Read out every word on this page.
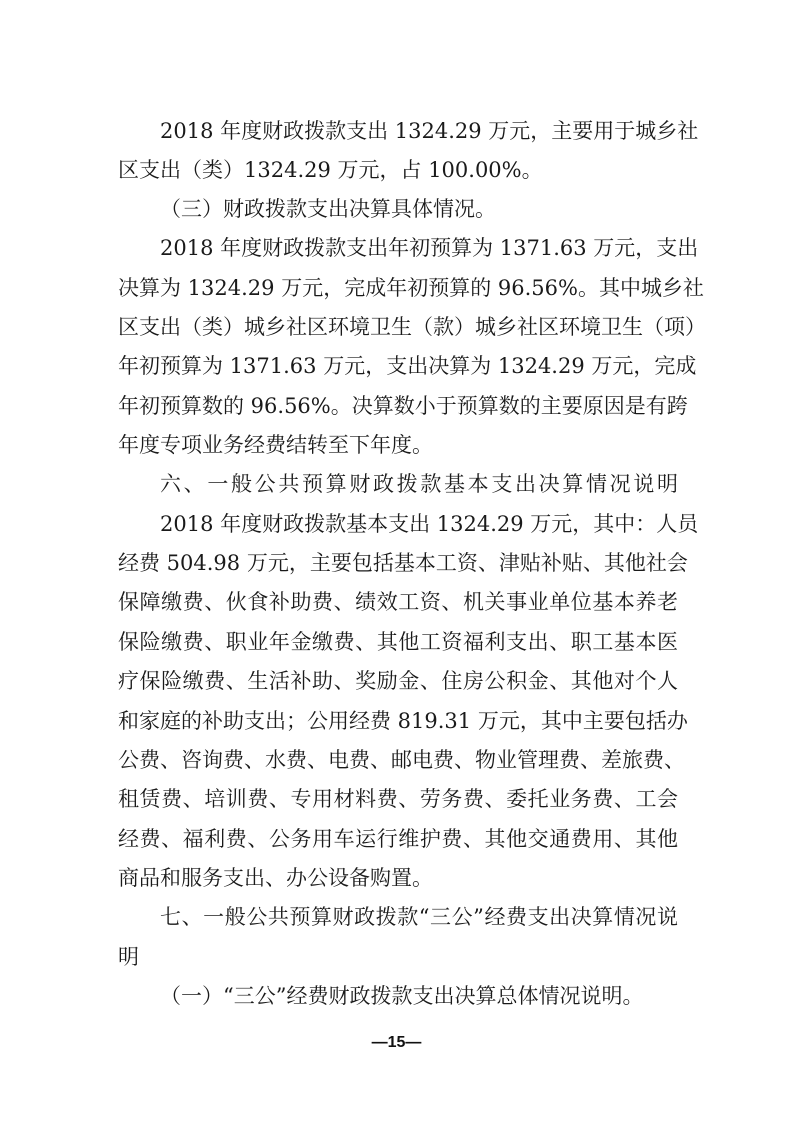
2018 年度财政拨款支出 1324.29 万元，主要用于城乡社

区支出（类）1324.29 万元，占 100.00%。

（三）财政拨款支出决算具体情况。

2018 年度财政拨款支出年初预算为 1371.63 万元，支出

决算为 1324.29 万元，完成年初预算的 96.56%。其中城乡社

区支出（类）城乡社区环境卫生（款）城乡社区环境卫生（项）

年初预算为 1371.63 万元，支出决算为 1324.29 万元，完成

年初预算数的 96.56%。决算数小于预算数的主要原因是有跨

年度专项业务经费结转至下年度。

六、一般公共预算财政拨款基本支出决算情况说明

2018 年度财政拨款基本支出 1324.29 万元，其中：人员

经费 504.98 万元，主要包括基本工资、津贴补贴、其他社会

保障缴费、伙食补助费、绩效工资、机关事业单位基本养老

保险缴费、职业年金缴费、其他工资福利支出、职工基本医

疗保险缴费、生活补助、奖励金、住房公积金、其他对个人

和家庭的补助支出；公用经费 819.31 万元，其中主要包括办

公费、咨询费、水费、电费、邮电费、物业管理费、差旅费、

租赁费、培训费、专用材料费、劳务费、委托业务费、工会

经费、福利费、公务用车运行维护费、其他交通费用、其他

商品和服务支出、办公设备购置。

七、一般公共预算财政拨款“三公”经费支出决算情况说

明

（一）“三公”经费财政拨款支出决算总体情况说明。

—15—
